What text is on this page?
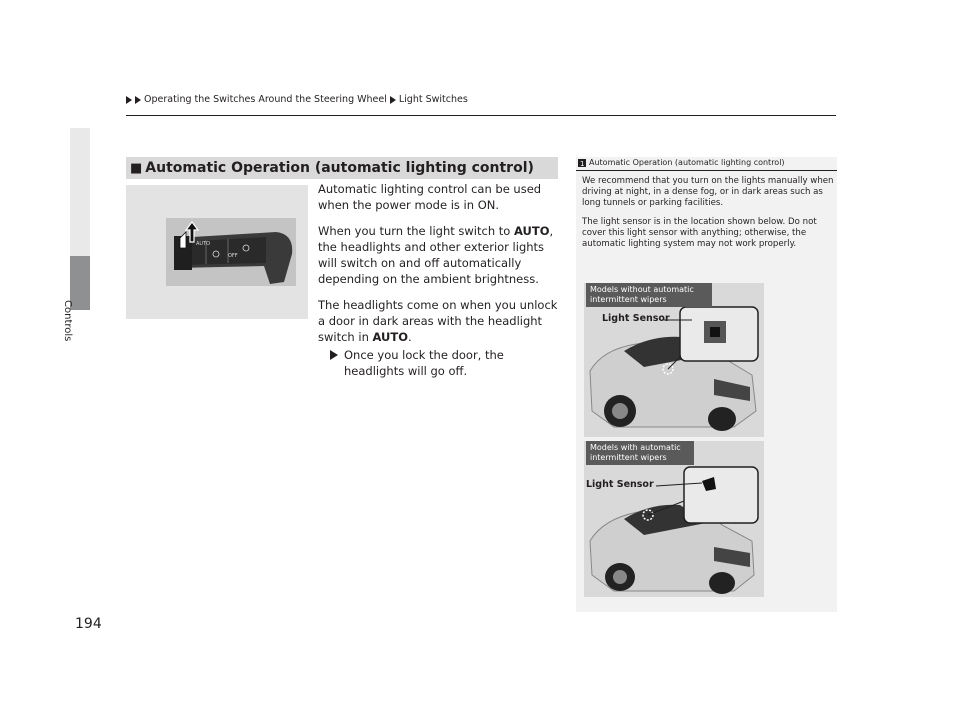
Operating the Switches Around the Steering Wheel Light Switches
Controls
194
■ Automatic Operation (automatic lighting control)
AUTO
OFF

Automatic lighting control can be used when the power mode is in ON.

When you turn the light switch to AUTO, the headlights and other exterior lights will switch on and off automatically depending on the ambient brightness.

The headlights come on when you unlock a door in dark areas with the headlight switch in AUTO.

Once you lock the door, the headlights will go off.
1 Automatic Operation (automatic lighting control)

We recommend that you turn on the lights manually when driving at night, in a dense fog, or in dark areas such as long tunnels or parking facilities.

The light sensor is in the location shown below. Do not cover this light sensor with anything; otherwise, the automatic lighting system may not work properly.

Models without automatic intermittent wipers
Light Sensor
Models with automatic intermittent wipers
Light Sensor
